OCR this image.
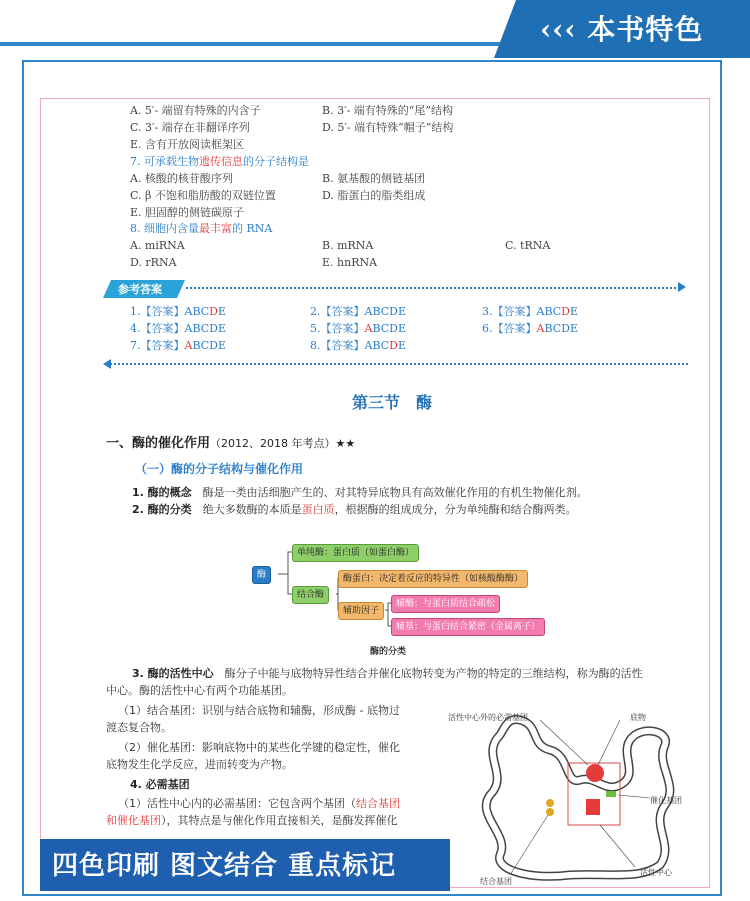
‹‹‹ 本书特色
A. 5′- 端留有特殊的内含子	B. 3′- 端有特殊的“尾”结构
C. 3′- 端存在非翻译序列	D. 5′- 端有特殊“帽子”结构
E. 含有开放阅读框架区
7. 可承载生物遗传信息的分子结构是
A. 核酸的核苷酸序列	B. 氨基酸的侧链基团
C. β 不饱和脂肪酸的双链位置	D. 脂蛋白的脂类组成
E. 胆固醇的侧链碳原子
8. 细胞内含量最丰富的 RNA
A. miRNA	B. mRNA	C. tRNA
D. rRNA	E. hnRNA
参考答案
1.【答案】ABCDE	2.【答案】ABCDE	3.【答案】ABCDE
4.【答案】ABCDE	5.【答案】ABCDE	6.【答案】ABCDE
7.【答案】ABCDE	8.【答案】ABCDE
第三节　酶
一、酶的催化作用（2012、2018 年考点）★★
（一）酶的分子结构与催化作用
1. 酶的概念　 酶是一类由活细胞产生的、对其特异底物具有高效催化作用的有机生物催化剂。
2. 酶的分类　 绝大多数酶的本质是蛋白质，根据酶的组成成分，分为单纯酶和结合酶两类。
酶
单纯酶：蛋白质（如蛋白酶）
结合酶
酶蛋白：决定着反应的特异性（如核酸酶酶）
辅助因子
辅酶：与蛋白质结合疏松
辅基：与蛋白结合紧密（金属离子）
酶的分类
3. 酶的活性中心　 酶分子中能与底物特异性结合并催化底物转变为产物的特定的三维结构，称为酶的活性
中心。酶的活性中心有两个功能基团。
（1）结合基团：识别与结合底物和辅酶，形成酶 - 底物过
渡态复合物。
（2）催化基团：影响底物中的某些化学键的稳定性，催化
底物发生化学反应，进而转变为产物。
4. 必需基团
（1）活性中心内的必需基团：它包含两个基团（结合基团
和催化基团），其特点是与催化作用直接相关，是酶发挥催化
活性中心外的必需基团	底物
催化基团
活性中心
结合基团
四色印刷 图文结合 重点标记
